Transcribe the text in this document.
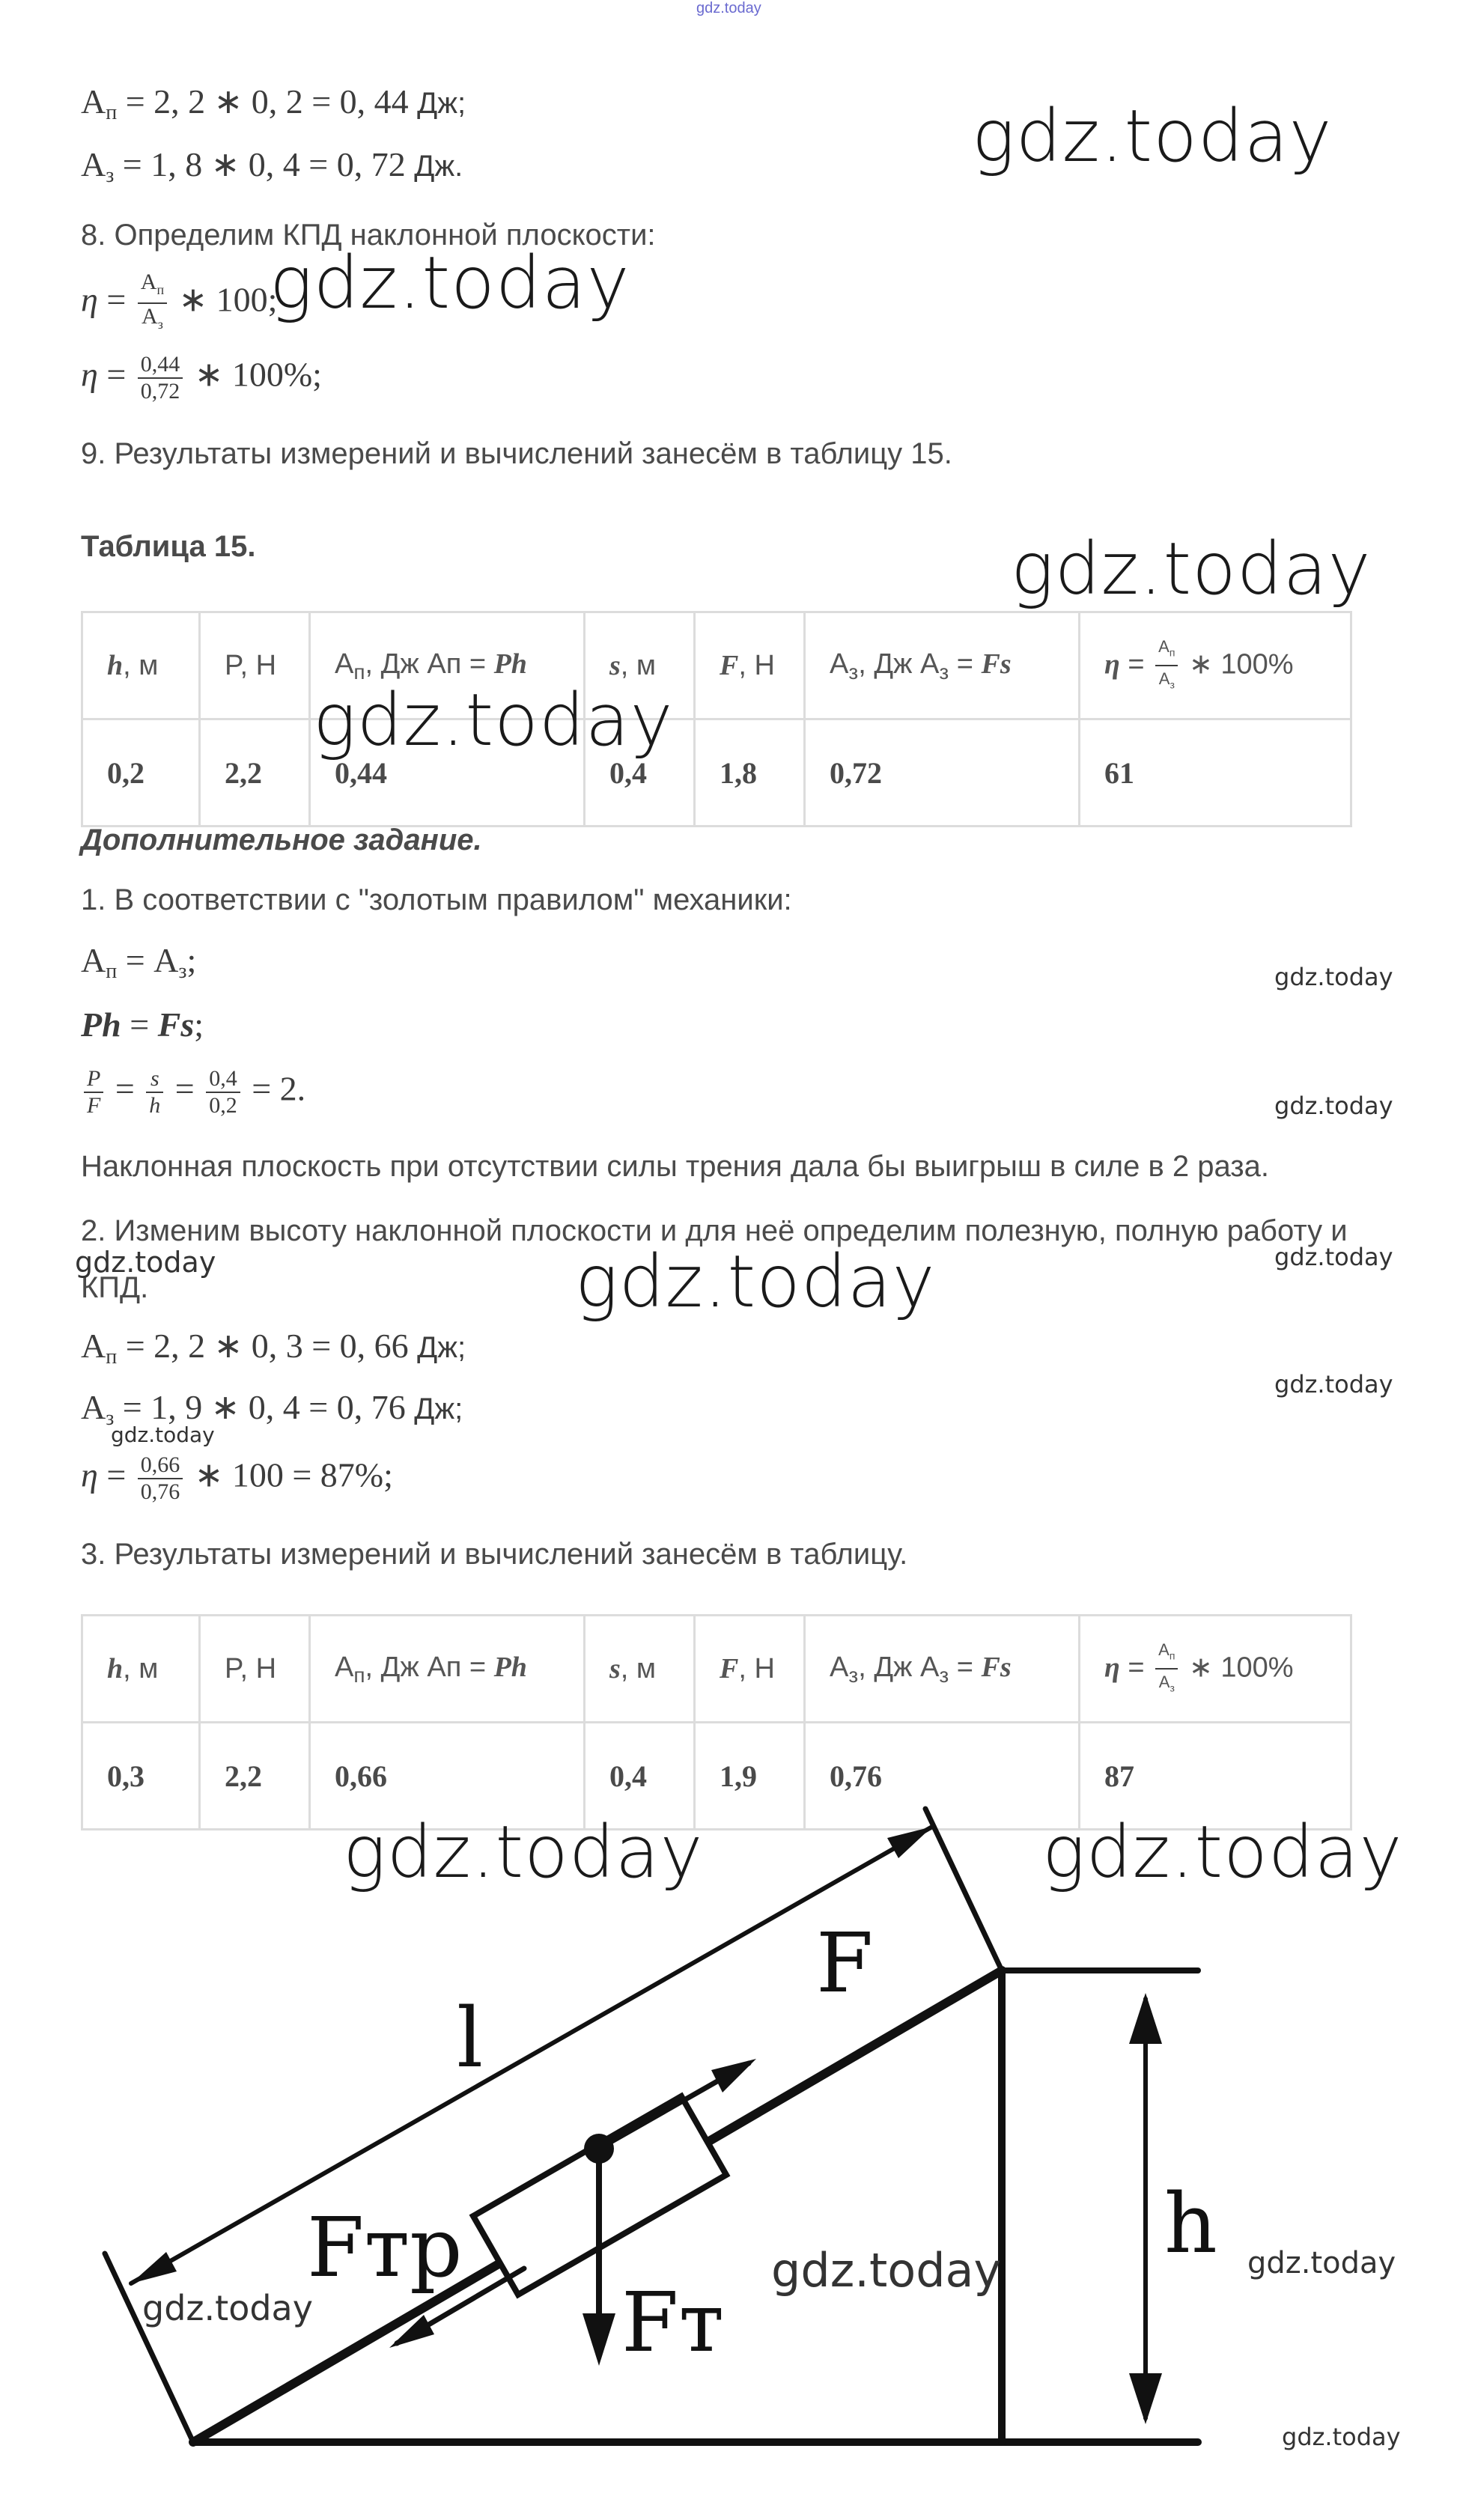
gdz.today
$A_п = 2$, 2 ∗ 0, 2 = 0, 44 Дж;
$A_з = 1$, 8 ∗ 0, 4 = 0, 72 Дж.
8. Определим КПД наклонной плоскости:
$\eta = \frac{A_п}{A_з}$ ∗ 100;
$\eta = \frac{0,44}{0,72}$ ∗ 100%;
9. Результаты измерений и вычислений занесём в таблицу 15.
Таблица 15.
h, м	P, Н	$A_п$, Дж Aп = Ph	s, м	F, Н	$A_з$, Дж $A_з = Fs$	$\eta = \frac{A_п}{A_з}$ ∗ 100%
0,2	2,2	0,44	0,4	1,8	0,72	61
Дополнительное задание.
1. В соответствии с "золотым правилом" механики:
$A_п = A_з$;
Ph = Fs;
$\frac{P}{F} = \frac{s}{h} = \frac{0,4}{0,2} = 2$.
Наклонная плоскость при отсутствии силы трения дала бы выигрыш в силе в 2 раза.
2. Изменим высоту наклонной плоскости и для неё определим полезную, полную работу и
КПД.
$A_п = 2$, 2 ∗ 0, 3 = 0, 66 Дж;
$A_з = 1$, 9 ∗ 0, 4 = 0, 76 Дж;
$\eta = \frac{0,66}{0,76}$ ∗ 100 = 87%;
3. Результаты измерений и вычислений занесём в таблицу.
h, м	P, Н	$A_п$, Дж Aп = Ph	s, м	F, Н	$A_з$, Дж $A_з = Fs$	$\eta = \frac{A_п}{A_з}$ ∗ 100%
0,3	2,2	0,66	0,4	1,9	0,76	87
l
F
Fтр
Fт
h
gdz.today
gdz.today
gdz.today
gdz.today
gdz.today
gdz.today	gdz.today
gdz.today
gdz.today
gdz.today
gdz.today
gdz.today
gdz.today
gdz.today
gdz.today
gdz.today
gdz.today
